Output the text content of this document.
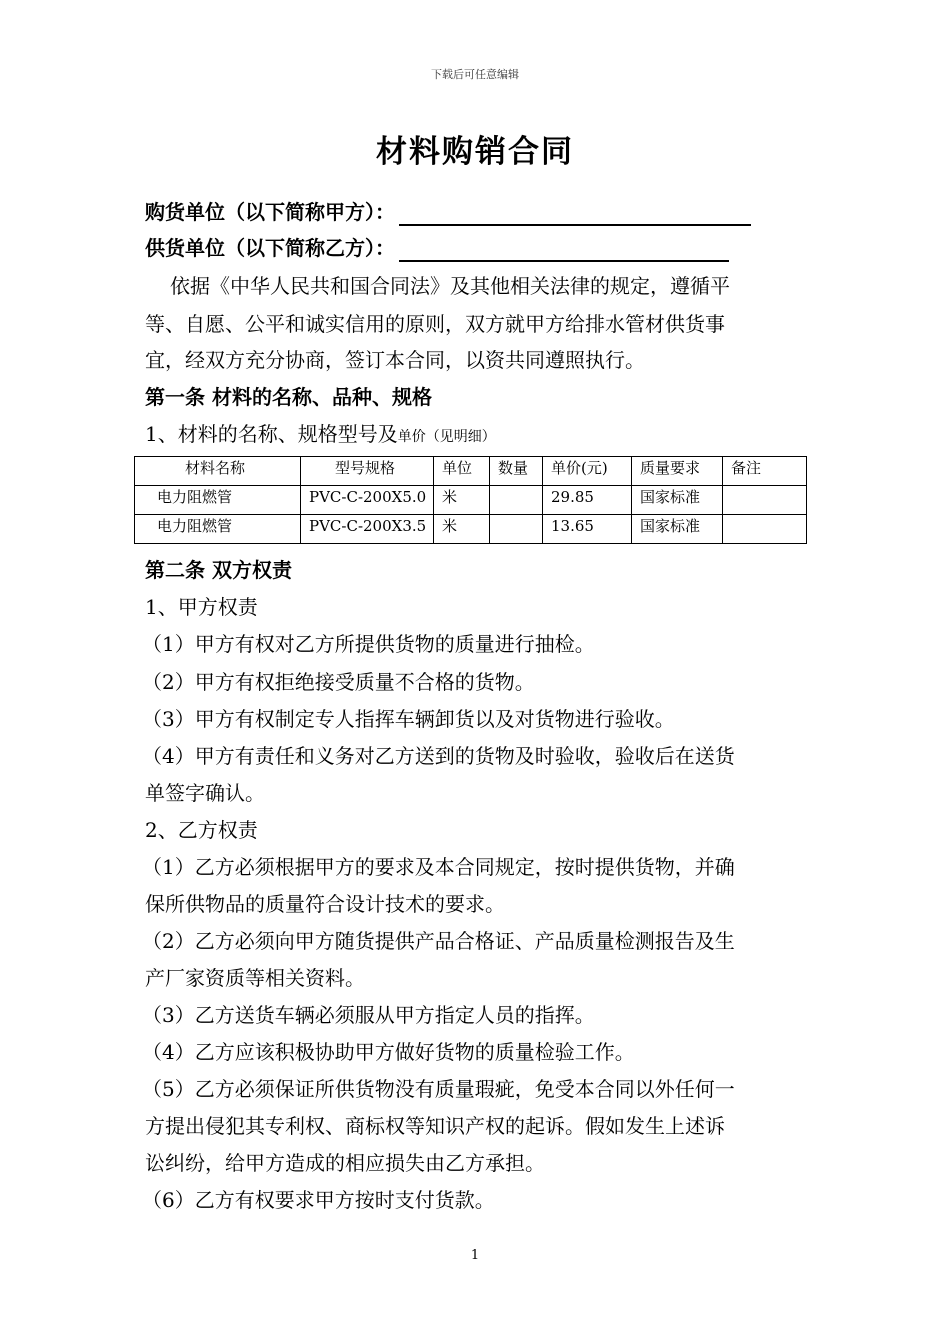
下载后可任意编辑
材料购销合同
购货单位（以下简称甲方）：
供货单位（以下简称乙方）：
依据《中华人民共和国合同法》及其他相关法律的规定，遵循平
等、自愿、公平和诚实信用的原则，双方就甲方给排水管材供货事
宜，经双方充分协商，签订本合同，以资共同遵照执行。
第一条 材料的名称、品种、规格
1、材料的名称、规格型号及单价（见明细）
材料名称	型号规格	单位	数量	单价(元)	质量要求	备注
电力阻燃管	PVC-C-200X5.0	米		29.85	国家标准	
电力阻燃管	PVC-C-200X3.5	米		13.65	国家标准	
第二条 双方权责
1、甲方权责
（1）甲方有权对乙方所提供货物的质量进行抽检。
（2）甲方有权拒绝接受质量不合格的货物。
（3）甲方有权制定专人指挥车辆卸货以及对货物进行验收。
（4）甲方有责任和义务对乙方送到的货物及时验收，验收后在送货
单签字确认。
2、乙方权责
（1）乙方必须根据甲方的要求及本合同规定，按时提供货物，并确
保所供物品的质量符合设计技术的要求。
（2）乙方必须向甲方随货提供产品合格证、产品质量检测报告及生
产厂家资质等相关资料。
（3）乙方送货车辆必须服从甲方指定人员的指挥。
（4）乙方应该积极协助甲方做好货物的质量检验工作。
（5）乙方必须保证所供货物没有质量瑕疵，免受本合同以外任何一
方提出侵犯其专利权、商标权等知识产权的起诉。假如发生上述诉
讼纠纷，给甲方造成的相应损失由乙方承担。
（6）乙方有权要求甲方按时支付货款。
1
